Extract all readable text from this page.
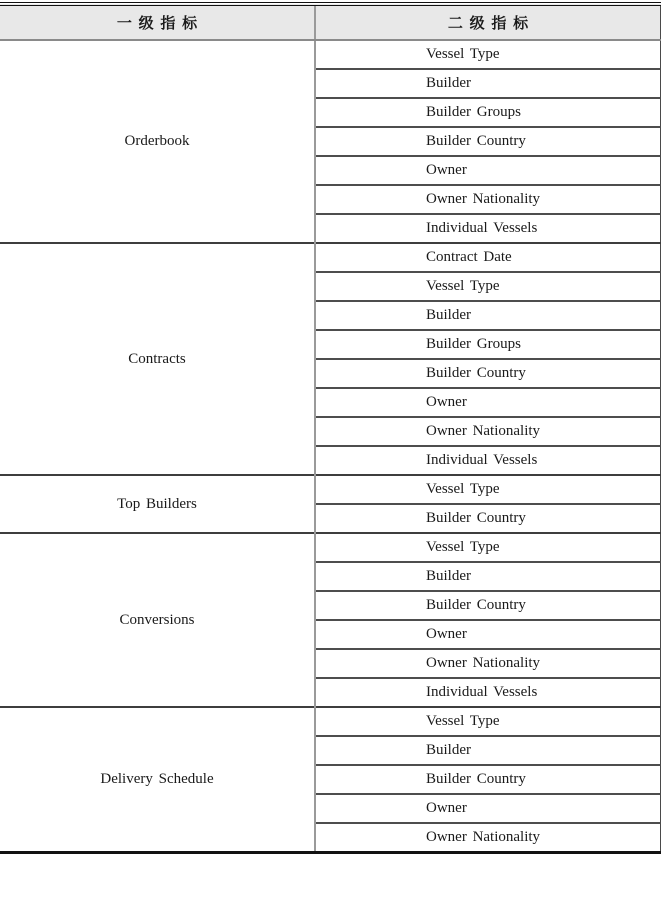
一级指标	二级指标
Orderbook	Vessel Type
	Builder
	Builder Groups
	Builder Country
	Owner
	Owner Nationality
	Individual Vessels
Contracts	Contract Date
	Vessel Type
	Builder
	Builder Groups
	Builder Country
	Owner
	Owner Nationality
	Individual Vessels
Top Builders	Vessel Type
	Builder Country
Conversions	Vessel Type
	Builder
	Builder Country
	Owner
	Owner Nationality
	Individual Vessels
Delivery Schedule	Vessel Type
	Builder
	Builder Country
	Owner
	Owner Nationality
